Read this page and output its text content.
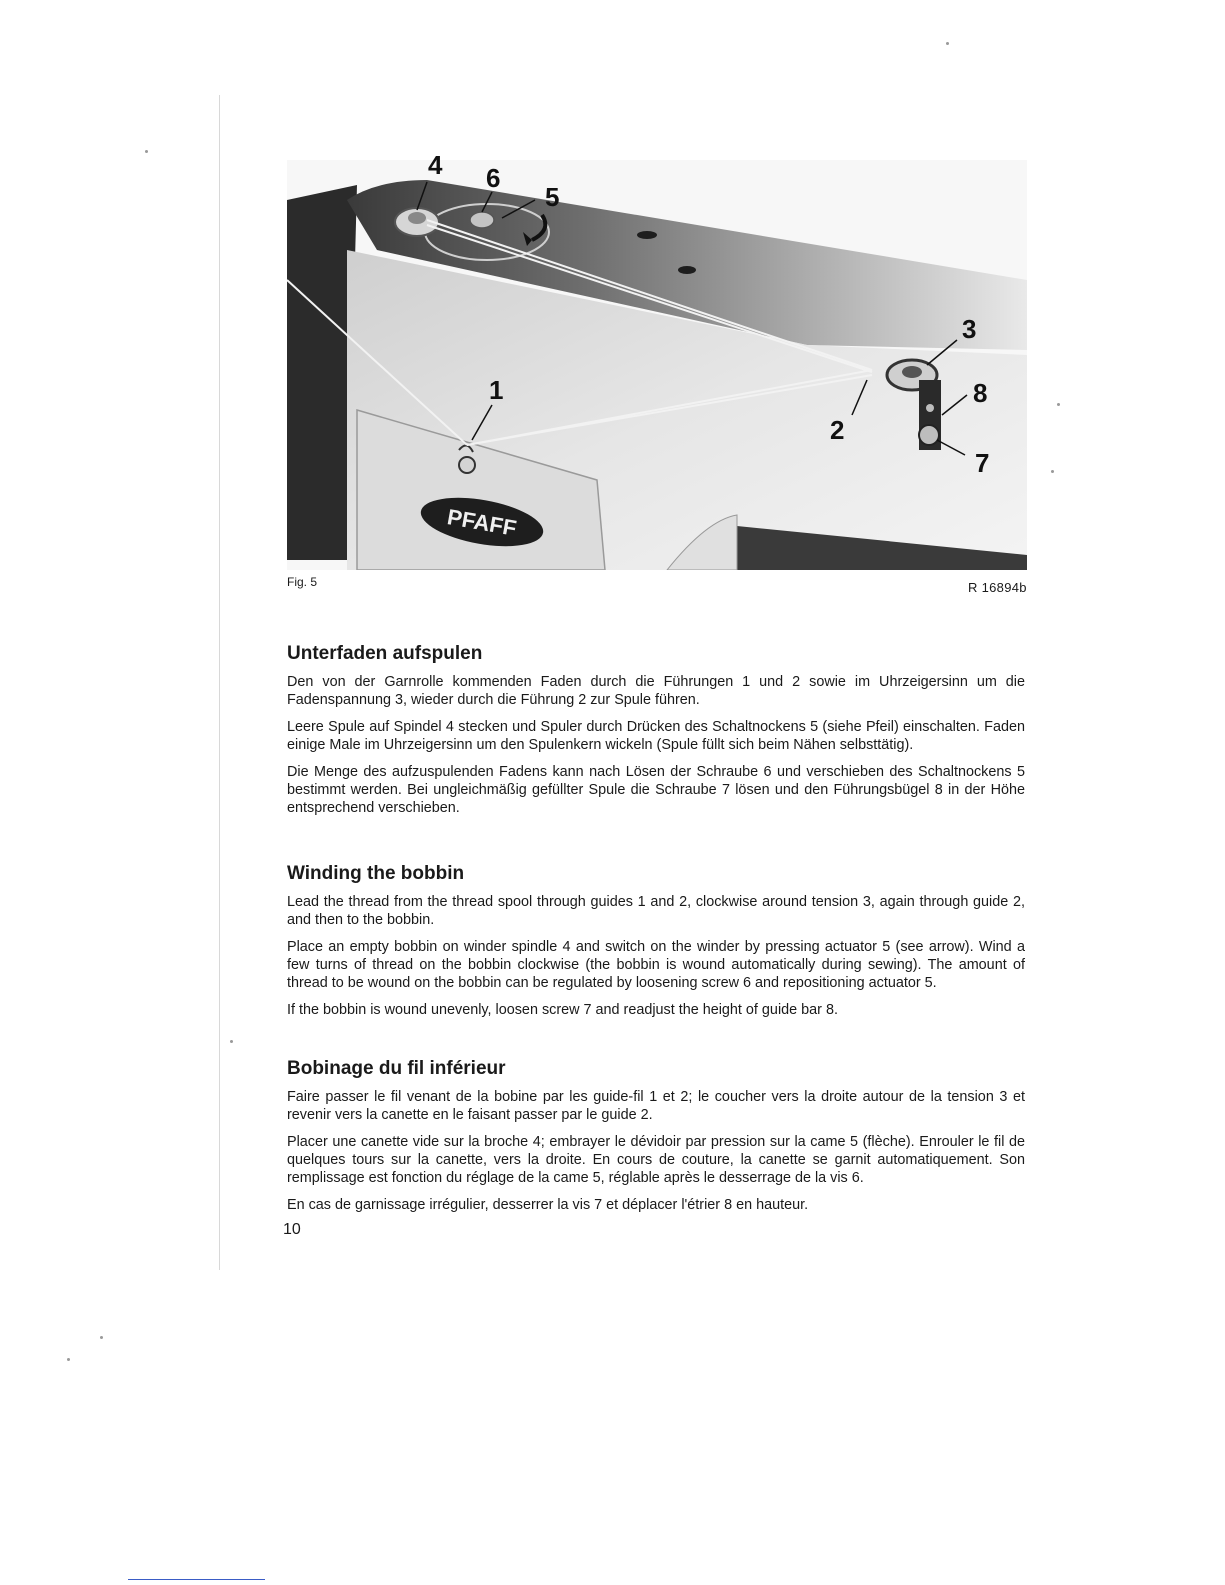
PFAFF
4 6
5
3
8
2
7
1
Fig. 5	R 16894b
Unterfaden aufspulen

Den von der Garnrolle kommenden Faden durch die Führungen 1 und 2 sowie im Uhrzeigersinn um die Fadenspannung 3, wieder durch die Führung 2 zur Spule führen.

Leere Spule auf Spindel 4 stecken und Spuler durch Drücken des Schaltnockens 5 (siehe Pfeil) einschalten. Faden einige Male im Uhrzeigersinn um den Spulenkern wickeln (Spule füllt sich beim Nähen selbsttätig).

Die Menge des aufzuspulenden Fadens kann nach Lösen der Schraube 6 und verschieben des Schaltnockens 5 bestimmt werden. Bei ungleichmäßig gefüllter Spule die Schraube 7 lösen und den Führungsbügel 8 in der Höhe entsprechend verschieben.

Winding the bobbin

Lead the thread from the thread spool through guides 1 and 2, clockwise around tension 3, again through guide 2, and then to the bobbin.

Place an empty bobbin on winder spindle 4 and switch on the winder by pressing actuator 5 (see arrow). Wind a few turns of thread on the bobbin clockwise (the bobbin is wound automatically during sewing). The amount of thread to be wound on the bobbin can be regulated by loosening screw 6 and repositioning actuator 5.

If the bobbin is wound unevenly, loosen screw 7 and readjust the height of guide bar 8.

Bobinage du fil inférieur

Faire passer le fil venant de la bobine par les guide-fil 1 et 2; le coucher vers la droite autour de la tension 3 et revenir vers la canette en le faisant passer par le guide 2.

Placer une canette vide sur la broche 4; embrayer le dévidoir par pression sur la came 5 (flèche). Enrouler le fil de quelques tours sur la canette, vers la droite. En cours de couture, la canette se garnit automatiquement. Son remplissage est fonction du réglage de la came 5, réglable après le desserrage de la vis 6.

En cas de garnissage irrégulier, desserrer la vis 7 et déplacer l'étrier 8 en hauteur.

10
